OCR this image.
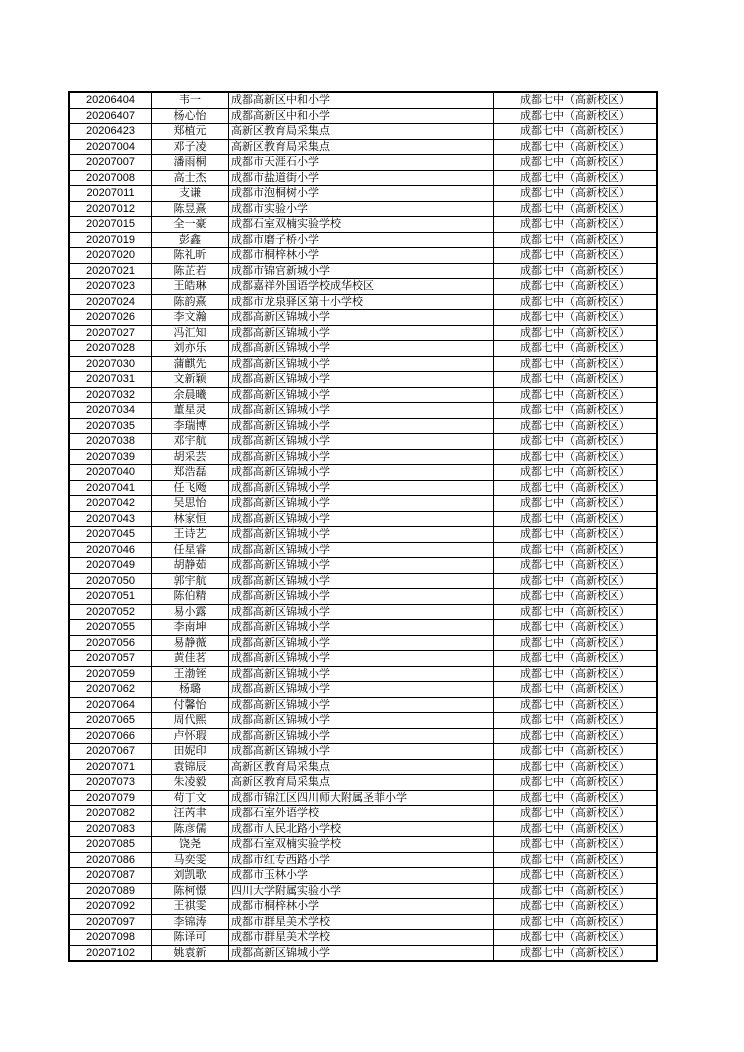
20206404	韦一	成都高新区中和小学	成都七中（高新校区）
20206407	杨心怡	成都高新区中和小学	成都七中（高新校区）
20206423	郑植元	高新区教育局采集点	成都七中（高新校区）
20207004	邓子凌	高新区教育局采集点	成都七中（高新校区）
20207007	潘雨桐	成都市天涯石小学	成都七中（高新校区）
20207008	高士杰	成都市盐道街小学	成都七中（高新校区）
20207011	支谦	成都市泡桐树小学	成都七中（高新校区）
20207012	陈昱熹	成都市实验小学	成都七中（高新校区）
20207015	全一豪	成都石室双楠实验学校	成都七中（高新校区）
20207019	彭鑫	成都市磨子桥小学	成都七中（高新校区）
20207020	陈礼昕	成都市桐梓林小学	成都七中（高新校区）
20207021	陈芷若	成都市锦官新城小学	成都七中（高新校区）
20207023	王皓琳	成都嘉祥外国语学校成华校区	成都七中（高新校区）
20207024	陈韵熹	成都市龙泉驿区第十小学校	成都七中（高新校区）
20207026	李文瀚	成都高新区锦城小学	成都七中（高新校区）
20207027	冯汇知	成都高新区锦城小学	成都七中（高新校区）
20207028	刘亦乐	成都高新区锦城小学	成都七中（高新校区）
20207030	蒲麒先	成都高新区锦城小学	成都七中（高新校区）
20207031	文新颖	成都高新区锦城小学	成都七中（高新校区）
20207032	余晨曦	成都高新区锦城小学	成都七中（高新校区）
20207034	董星灵	成都高新区锦城小学	成都七中（高新校区）
20207035	李瑞博	成都高新区锦城小学	成都七中（高新校区）
20207038	邓宇航	成都高新区锦城小学	成都七中（高新校区）
20207039	胡采芸	成都高新区锦城小学	成都七中（高新校区）
20207040	郑浩磊	成都高新区锦城小学	成都七中（高新校区）
20207041	任飞飏	成都高新区锦城小学	成都七中（高新校区）
20207042	吴思怡	成都高新区锦城小学	成都七中（高新校区）
20207043	林家恒	成都高新区锦城小学	成都七中（高新校区）
20207045	王诗艺	成都高新区锦城小学	成都七中（高新校区）
20207046	任星睿	成都高新区锦城小学	成都七中（高新校区）
20207049	胡静茹	成都高新区锦城小学	成都七中（高新校区）
20207050	郭宇航	成都高新区锦城小学	成都七中（高新校区）
20207051	陈伯精	成都高新区锦城小学	成都七中（高新校区）
20207052	易小露	成都高新区锦城小学	成都七中（高新校区）
20207055	李南坤	成都高新区锦城小学	成都七中（高新校区）
20207056	易静薇	成都高新区锦城小学	成都七中（高新校区）
20207057	黄佳茗	成都高新区锦城小学	成都七中（高新校区）
20207059	王渤铚	成都高新区锦城小学	成都七中（高新校区）
20207062	杨璐	成都高新区锦城小学	成都七中（高新校区）
20207064	付馨怡	成都高新区锦城小学	成都七中（高新校区）
20207065	周代熙	成都高新区锦城小学	成都七中（高新校区）
20207066	卢怀瑕	成都高新区锦城小学	成都七中（高新校区）
20207067	田妮印	成都高新区锦城小学	成都七中（高新校区）
20207071	袁锦辰	高新区教育局采集点	成都七中（高新校区）
20207073	朱凌毅	高新区教育局采集点	成都七中（高新校区）
20207079	苟丁文	成都市锦江区四川师大附属圣菲小学	成都七中（高新校区）
20207082	汪芮聿	成都石室外语学校	成都七中（高新校区）
20207083	陈彦儒	成都市人民北路小学校	成都七中（高新校区）
20207085	饶尧	成都石室双楠实验学校	成都七中（高新校区）
20207086	马奕雯	成都市红专西路小学	成都七中（高新校区）
20207087	刘凯歌	成都市玉林小学	成都七中（高新校区）
20207089	陈柯憬	四川大学附属实验小学	成都七中（高新校区）
20207092	王祺雯	成都市桐梓林小学	成都七中（高新校区）
20207097	李锦涛	成都市群星美术学校	成都七中（高新校区）
20207098	陈译可	成都市群星美术学校	成都七中（高新校区）
20207102	姚袁新	成都高新区锦城小学	成都七中（高新校区）
